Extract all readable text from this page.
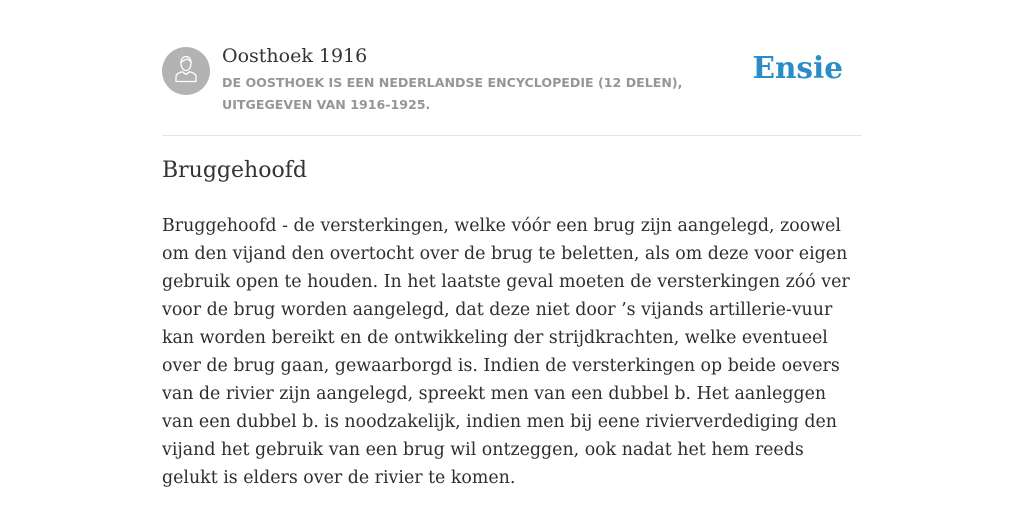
Oosthoek 1916
DE OOSTHOEK IS EEN NEDERLANDSE ENCYCLOPEDIE (12 DELEN), UITGEGEVEN VAN 1916-1925.
Ensie
Bruggehoofd

Bruggehoofd - de versterkingen, welke vóór een brug zijn aangelegd, zoowel om den vijand den overtocht over de brug te beletten, als om deze voor eigen gebruik open te houden. In het laatste geval moeten de versterkingen zóó ver voor de brug worden aangelegd, dat deze niet door ’s vijands artillerie-vuur kan worden bereikt en de ontwikkeling der strijdkrachten, welke eventueel over de brug gaan, gewaarborgd is. Indien de versterkingen op beide oevers van de rivier zijn aangelegd, spreekt men van een dubbel b. Het aanleggen van een dubbel b. is noodzakelijk, indien men bij eene rivierverdediging den vijand het gebruik van een brug wil ontzeggen, ook nadat het hem reeds gelukt is elders over de rivier te komen.
